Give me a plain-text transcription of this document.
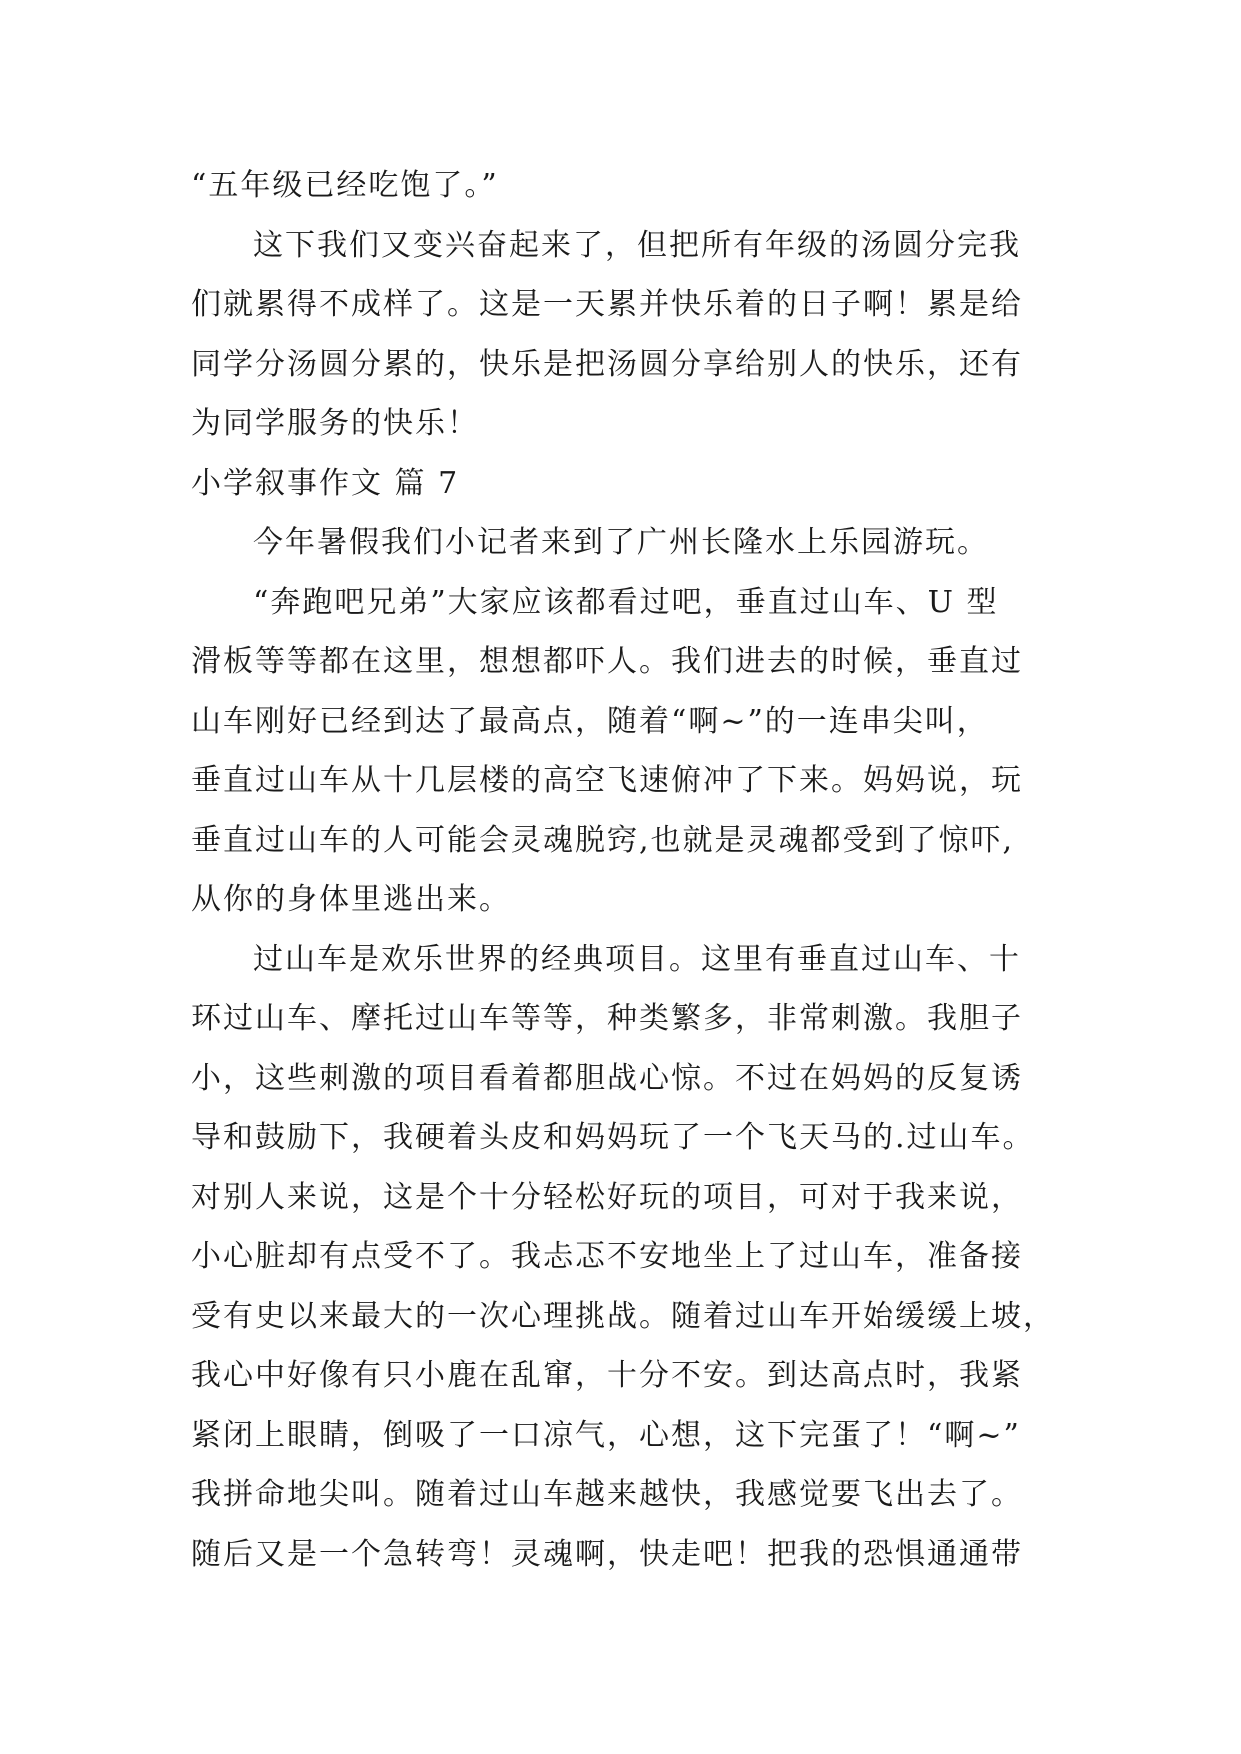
“五年级已经吃饱了。”
这下我们又变兴奋起来了，但把所有年级的汤圆分完我
们就累得不成样了。这是一天累并快乐着的日子啊！累是给
同学分汤圆分累的，快乐是把汤圆分享给别人的快乐，还有
为同学服务的快乐！
小学叙事作文 篇 7
今年暑假我们小记者来到了广州长隆水上乐园游玩。
“奔跑吧兄弟”大家应该都看过吧，垂直过山车、U 型
滑板等等都在这里，想想都吓人。我们进去的时候，垂直过
山车刚好已经到达了最高点，随着“啊~”的一连串尖叫，
垂直过山车从十几层楼的高空飞速俯冲了下来。妈妈说，玩
垂直过山车的人可能会灵魂脱窍,也就是灵魂都受到了惊吓,
从你的身体里逃出来。
过山车是欢乐世界的经典项目。这里有垂直过山车、十
环过山车、摩托过山车等等，种类繁多，非常刺激。我胆子
小，这些刺激的项目看着都胆战心惊。不过在妈妈的反复诱
导和鼓励下，我硬着头皮和妈妈玩了一个飞天马的.过山车。
对别人来说，这是个十分轻松好玩的项目，可对于我来说，
小心脏却有点受不了。我忐忑不安地坐上了过山车，准备接
受有史以来最大的一次心理挑战。随着过山车开始缓缓上坡，
我心中好像有只小鹿在乱窜，十分不安。到达高点时，我紧
紧闭上眼睛，倒吸了一口凉气，心想，这下完蛋了！“啊~”
我拼命地尖叫。随着过山车越来越快，我感觉要飞出去了。
随后又是一个急转弯！灵魂啊，快走吧！把我的恐惧通通带
